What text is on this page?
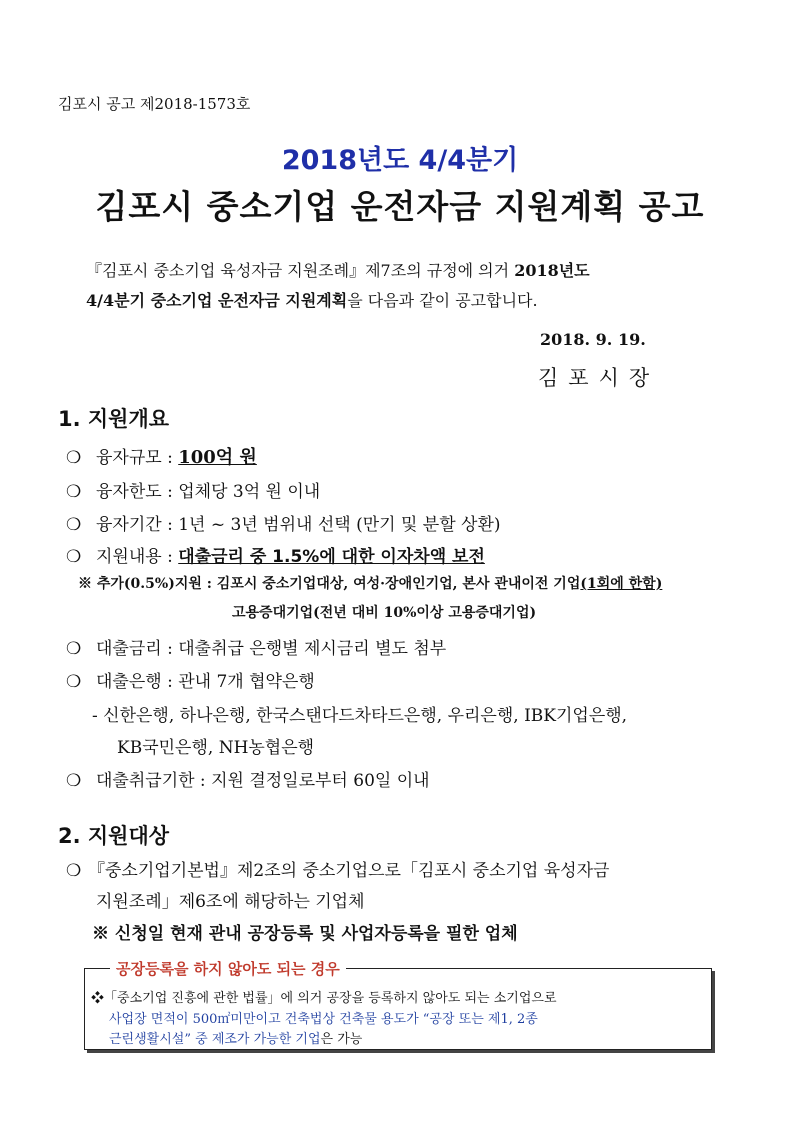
김포시 공고 제2018-1573호
2018년도 4/4분기
김포시 중소기업 운전자금 지원계획 공고
『김포시 중소기업 육성자금 지원조례』제7조의 규정에 의거 2018년도
4/4분기 중소기업 운전자금 지원계획을 다음과 같이 공고합니다.
2018. 9. 19.
김포시장
1. 지원개요
❍ 융자규모 : 100억 원
❍ 융자한도 : 업체당 3억 원 이내
❍ 융자기간 : 1년 ~ 3년 범위내 선택 (만기 및 분할 상환)
❍ 지원내용 : 대출금리 중 1.5%에 대한 이자차액 보전
※ 추가(0.5%)지원 : 김포시 중소기업대상, 여성·장애인기업, 본사 관내이전 기업(1회에 한함)
고용증대기업(전년 대비 10%이상 고용증대기업)
❍ 대출금리 : 대출취급 은행별 제시금리 별도 첨부
❍ 대출은행 : 관내 7개 협약은행
- 신한은행, 하나은행, 한국스탠다드차타드은행, 우리은행, IBK기업은행,
KB국민은행, NH농협은행
❍ 대출취급기한 : 지원 결정일로부터 60일 이내
2. 지원대상
❍ 『중소기업기본법』제2조의 중소기업으로「김포시 중소기업 육성자금
지원조례」제6조에 해당하는 기업체
※ 신청일 현재 관내 공장등록 및 사업자등록을 필한 업체
❖「중소기업 진흥에 관한 법률」에 의거 공장을 등록하지 않아도 되는 소기업으로
사업장 면적이 500㎡미만이고 건축법상 건축물 용도가 “공장 또는 제1, 2종
근린생활시설” 중 제조가 가능한 기업은 가능
공장등록을 하지 않아도 되는 경우
